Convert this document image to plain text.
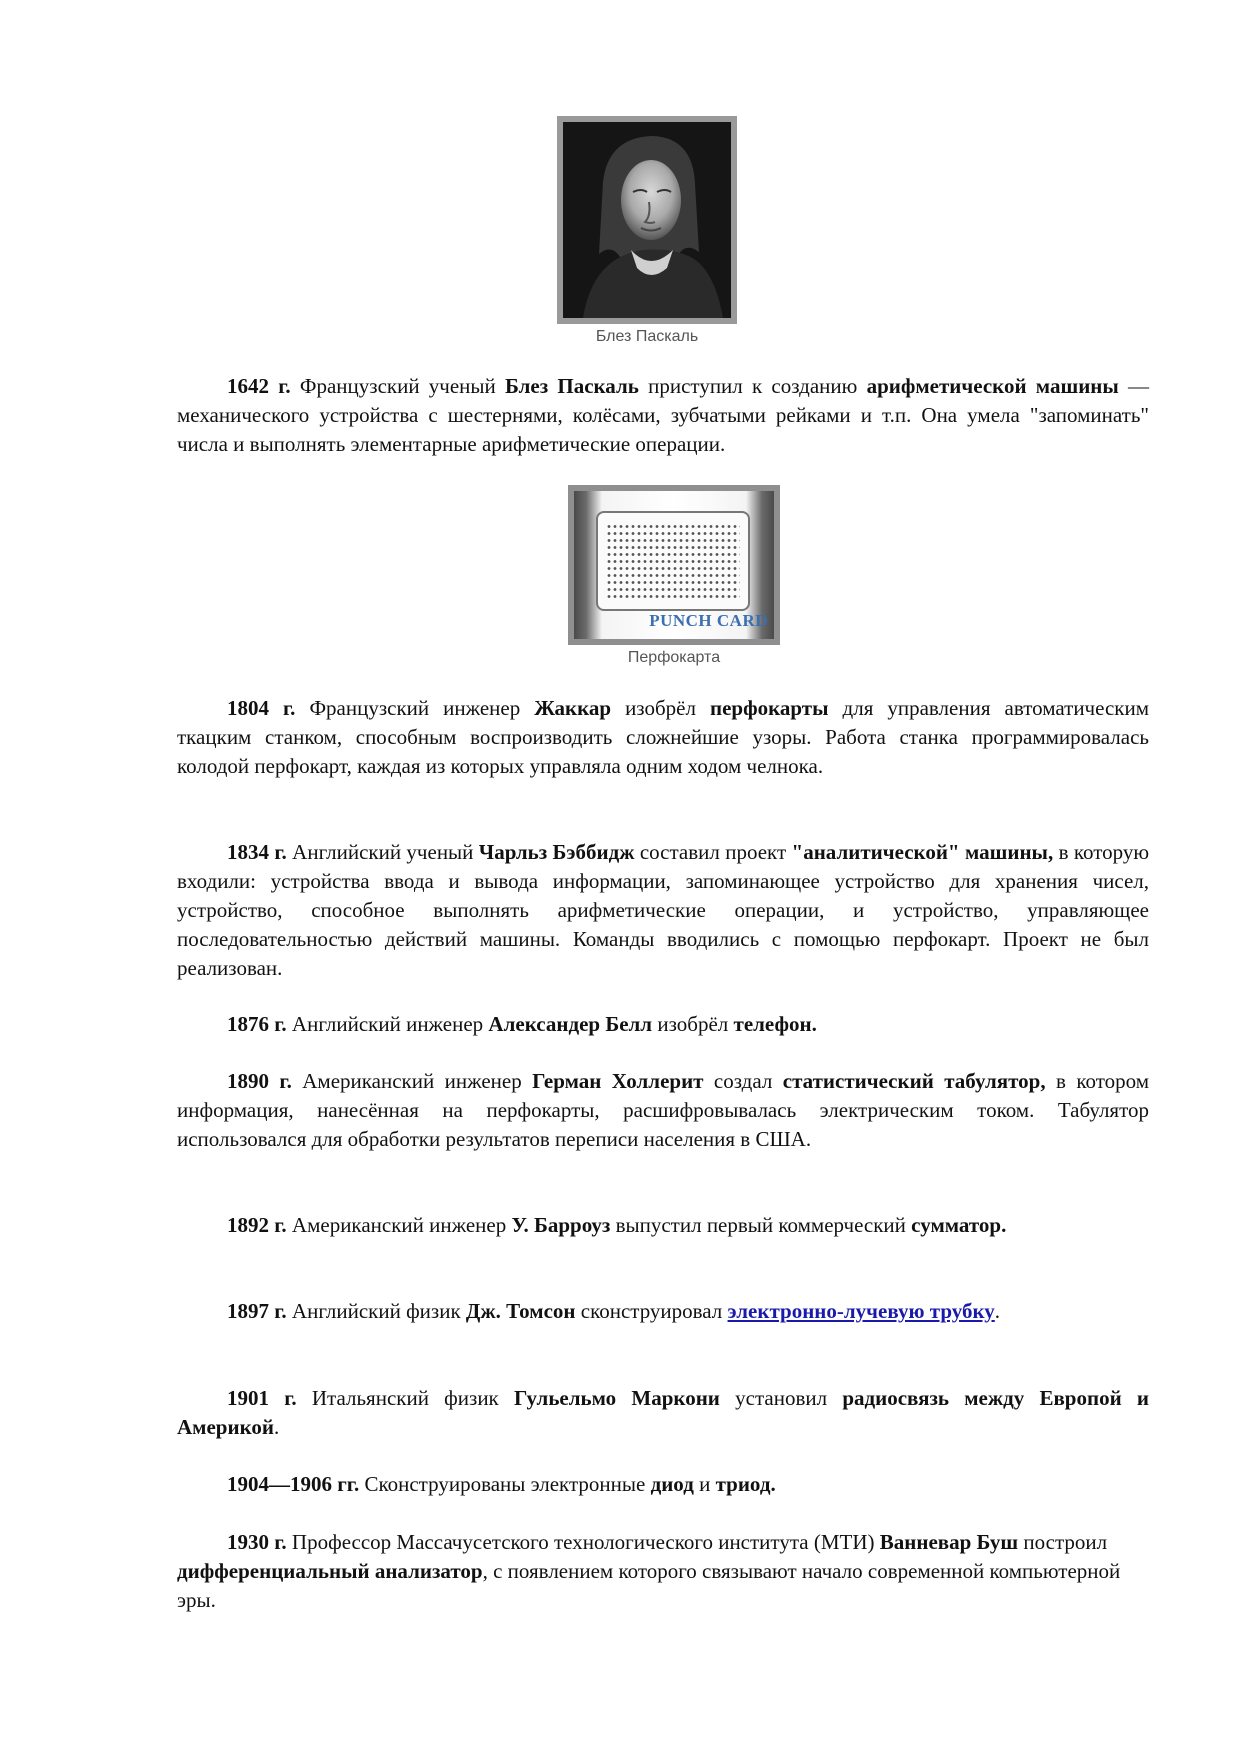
Блез Паскаль

1642 г. Французский ученый Блез Паскаль приступил к созданию арифметической машины — механического устройства с шестернями, колёсами, зубчатыми рейками и т.п. Она умела "запоминать" числа и выполнять элементарные арифметические операции.

PUNCH CARD
Перфокарта

1804 г. Французский инженер Жаккар изобрёл перфокарты для управления автоматическим ткацким станком, способным воспроизводить сложнейшие узоры. Работа станка программировалась колодой перфокарт, каждая из которых управляла одним ходом челнока.

1834 г. Английский ученый Чарльз Бэббидж составил проект "аналитической" машины, в которую входили: устройства ввода и вывода информации, запоминающее устройство для хранения чисел, устройство, способное выполнять арифметические операции, и устройство, управляющее последовательностью действий машины. Команды вводились с помощью перфокарт. Проект не был реализован.

1876 г. Английский инженер Александер Белл изобрёл телефон.

1890 г. Американский инженер Герман Холлерит создал статистический табулятор, в котором информация, нанесённая на перфокарты, расшифровывалась электрическим током. Табулятор использовался для обработки результатов переписи населения в США.

1892 г. Американский инженер У. Барроуз выпустил первый коммерческий сумматор.

1897 г. Английский физик Дж. Томсон сконструировал электронно-лучевую трубку.

1901 г. Итальянский физик Гульельмо Маркони установил радиосвязь между Европой и Америкой.

1904—1906 гг. Сконструированы электронные диод и триод.

1930 г. Профессор Массачусетского технологического института (МТИ) Ванневар Буш построил дифференциальный анализатор, с появлением которого связывают начало современной компьютерной эры.
